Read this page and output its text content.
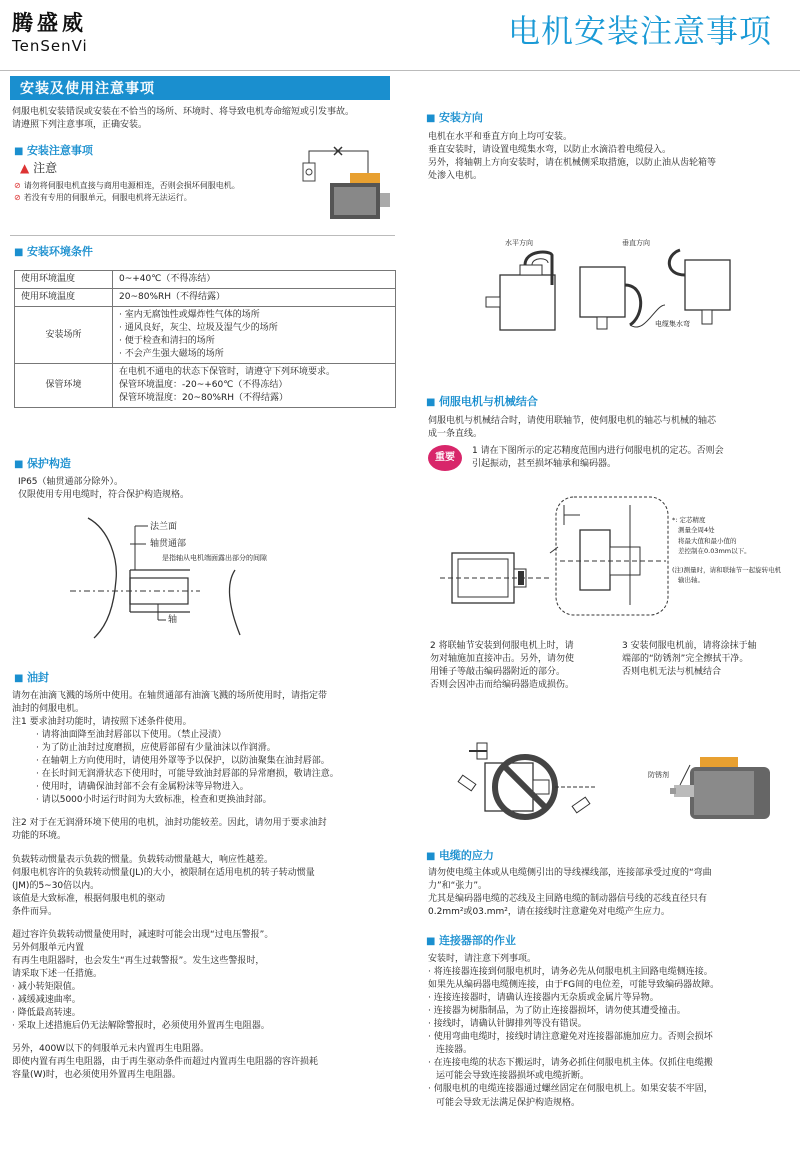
腾盛威
TenSenVi	电机安装注意事项
安装及使用注意事项
伺服电机安装错误或安装在不恰当的场所、环境时、将导致电机寿命缩短或引发事故。
请遵照下列注意事项，正确安装。
■ 安装注意事项
▲ 注意
⊘ 请勿将伺服电机直接与商用电源相连，否则会损坏伺服电机。
⊘ 若没有专用的伺服单元，伺服电机将无法运行。
■ 安装环境条件
使用环境温度	0~+40℃（不得冻结）
使用环境温度	20~80%RH（不得结露）
安装场所	· 室内无腐蚀性或爆炸性气体的场所
· 通风良好，灰尘、垃圾及湿气少的场所
· 便于检查和清扫的场所
· 不会产生强大磁场的场所

保管环境	在电机不通电的状态下保管时，请遵守下列环境要求。
保管环境温度：-20~+60℃（不得冻结）
保管环境湿度：20~80%RH（不得结露）
■ 保护构造
IP65（轴贯通部分除外）。
仅限使用专用电缆时，符合保护构造规格。
法兰面
轴贯通部
是指轴从电机端面露出部分的间隙
轴
■ 油封
请勿在油滴飞溅的场所中使用。在轴贯通部有油滴飞溅的场所使用时，请指定带
油封的伺服电机。
注1 要求油封功能时，请按照下述条件使用。
· 请将油面降至油封唇部以下使用。（禁止浸渍）
· 为了防止油封过度磨损，应使唇部留有少量油沫以作润滑。
· 在轴朝上方向使用时，请使用外罩等予以保护，以防油聚集在油封唇部。
· 在长时间无润滑状态下使用时，可能导致油封唇部的异常磨损，敬请注意。
· 使用时，请确保油封部不会有金属粉沫等异物进入。
· 请以5000小时运行时间为大致标准，检查和更换油封部。
注2 对于在无润滑环境下使用的电机，油封功能较差。因此，请勿用于要求油封
功能的环境。
负载转动惯量表示负载的惯量。负载转动惯量越大，响应性越差。
伺服电机容许的负载转动惯量(JL)的大小，被限制在适用电机的转子转动惯量
(JM)的5~30倍以内。
该值是大致标准，根据伺服电机的驱动
条件而异。
超过容许负载转动惯量使用时，减速时可能会出现“过电压警报”。
另外伺服单元内置
有再生电阻器时，也会发生“再生过载警报”。发生这些警报时，
请采取下述一任措施。
· 减小转矩限值。
· 减缓减速曲率。
· 降低最高转速。
· 采取上述措施后仍无法解除警报时，必须使用外置再生电阻器。
另外，400W以下的伺服单元未内置再生电阻器。
即使内置有再生电阻器，由于再生驱动条件而超过内置再生电阻器的容许损耗
容量(W)时，也必须使用外置再生电阻器。
■ 安装方向
电机在水平和垂直方向上均可安装。
垂直安装时，请设置电缆集水弯，以防止水滴沿着电缆侵入。
另外，将轴朝上方向安装时，请在机械侧采取措施，以防止油从齿轮箱等
处渗入电机。
水平方向	垂直方向
电缆集水弯
■ 伺服电机与机械结合
伺服电机与机械结合时，请使用联轴节，使伺服电机的轴芯与机械的轴芯
成一条直线。
重要
1 请在下图所示的定芯精度范围内进行伺服电机的定芯。否则会
引起振动，甚至损坏轴承和编码器。
*: 定芯精度
测量全周4处
将最大值和最小值的
差控制在0.03mm以下。
(注)测量时，请和联轴节一起旋转电机
输出轴。
2 将联轴节安装到伺服电机上时，请
勿对轴施加直接冲击。另外，请勿使
用锤子等敲击编码器附近的部分。
否则会因冲击而给编码器造成损伤。
3 安装伺服电机前，请将涂抹于轴
端部的“防锈剂”完全擦拭干净。
否则电机无法与机械结合
防锈剂
■ 电缆的应力
请勿使电缆主体或从电缆侧引出的导线裸线部，连接部承受过度的“弯曲
力”和“张力”。
尤其是编码器电缆的芯线及主回路电缆的制动器信号线的芯线直径只有
0.2mm²或03.mm²，请在接线时注意避免对电缆产生应力。
■ 连接器部的作业
安装时，请注意下列事项。
· 将连接器连接到伺服电机时，请务必先从伺服电机主回路电缆侧连接。
如果先从编码器电缆侧连接，由于FG间的电位差，可能导致编码器故障。
· 连接连接器时，请确认连接器内无杂质或金属片等异物。
· 连接器为树脂制品，为了防止连接器损坏，请勿使其遭受撞击。
· 接线时，请确认针脚排列等没有错误。
· 使用弯曲电缆时，接线时请注意避免对连接器部施加应力。否则会损坏
连接器。
· 在连接电缆的状态下搬运时，请务必抓住伺服电机主体。仅抓住电缆搬
运可能会导致连接器损坏或电缆折断。
· 伺服电机的电缆连接器通过螺丝固定在伺服电机上。如果安装不牢固，
可能会导致无法满足保护构造规格。
